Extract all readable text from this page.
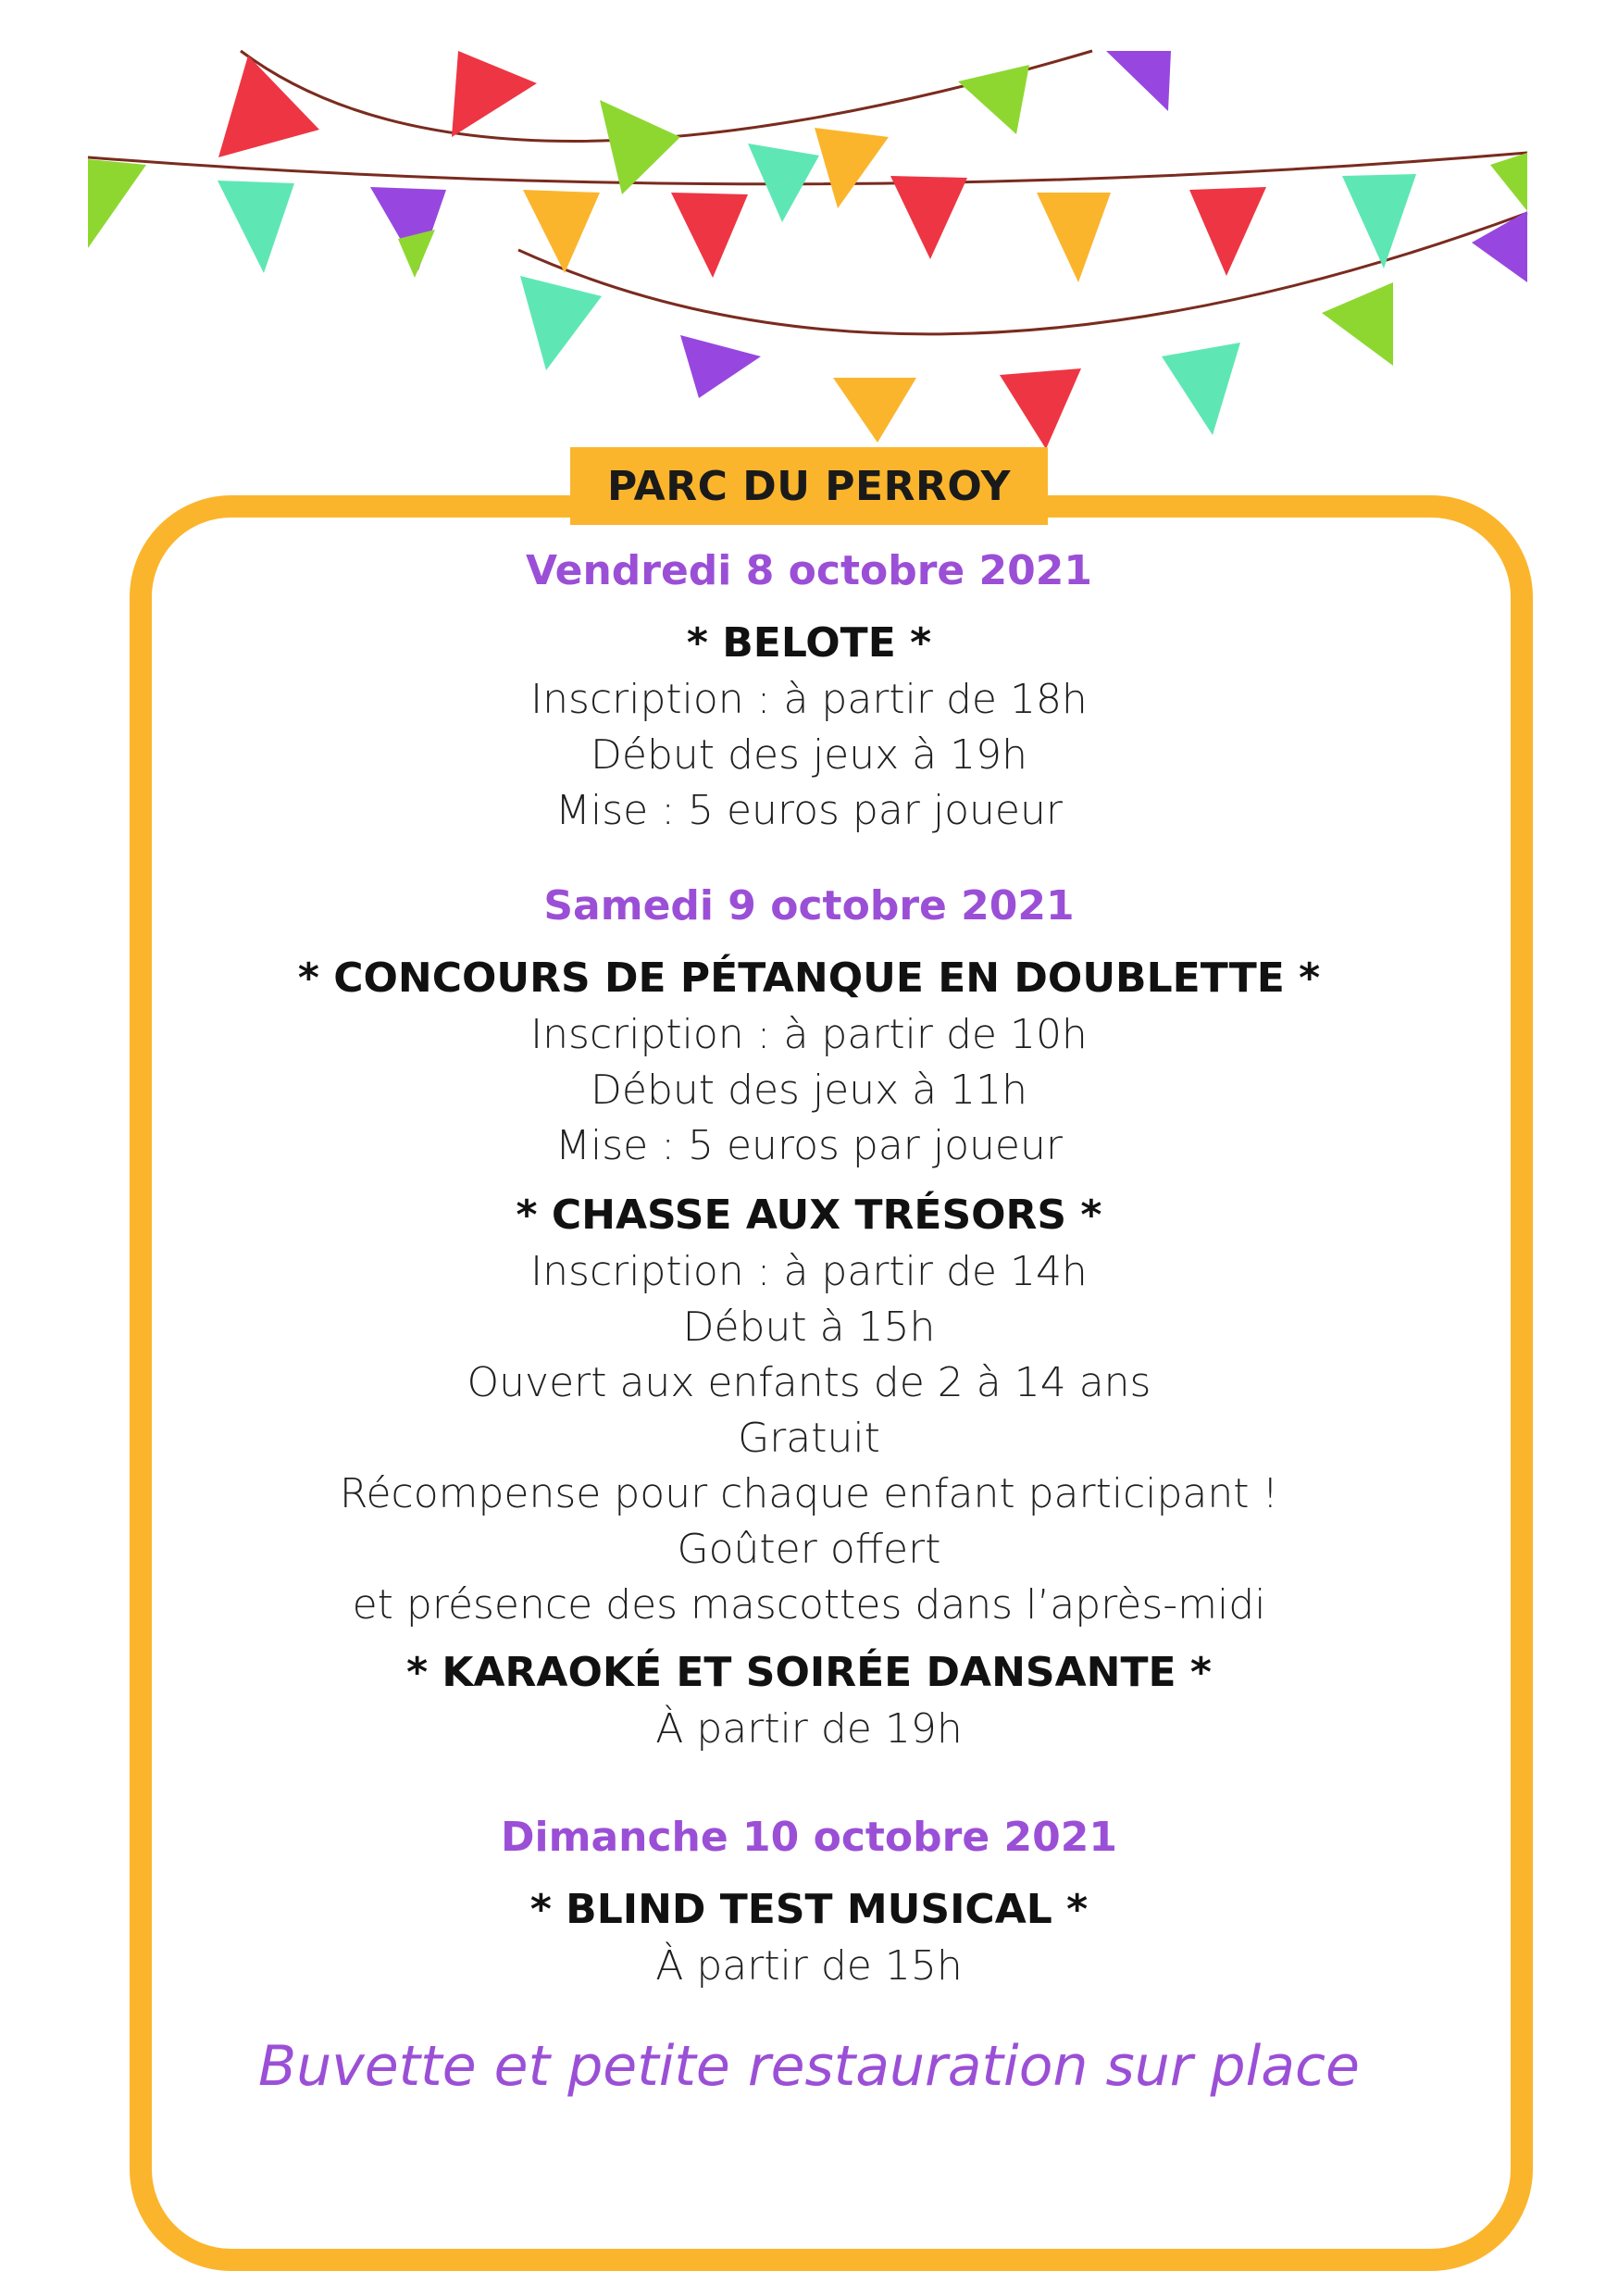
PARC DU PERROY
Vendredi 8 octobre 2021
* BELOTE *
Inscription : à partir de 18h
Début des jeux à 19h
Mise : 5 euros par joueur
Samedi 9 octobre 2021
* CONCOURS DE PÉTANQUE EN DOUBLETTE *
Inscription : à partir de 10h
Début des jeux à 11h
Mise : 5 euros par joueur
* CHASSE AUX TRÉSORS *
Inscription : à partir de 14h
Début à 15h
Ouvert aux enfants de 2 à 14 ans
Gratuit
Récompense pour chaque enfant participant !
Goûter offert
et présence des mascottes dans l’après-midi
* KARAOKÉ ET SOIRÉE DANSANTE *
À partir de 19h
Dimanche 10 octobre 2021
* BLIND TEST MUSICAL *
À partir de 15h
Buvette et petite restauration sur place
